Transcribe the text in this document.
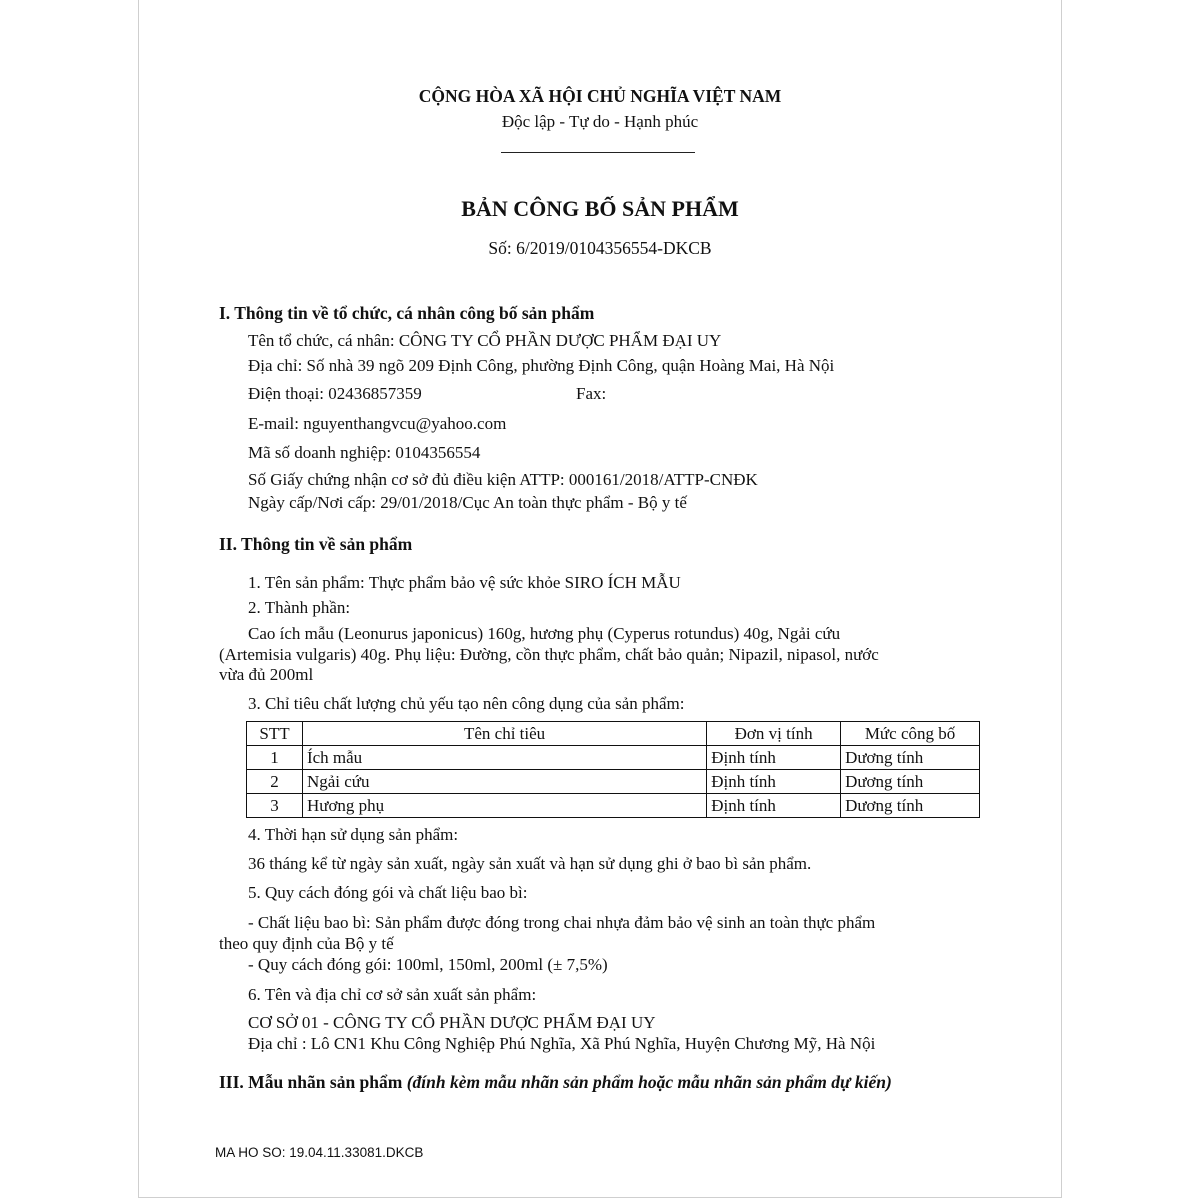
CỘNG HÒA XÃ HỘI CHỦ NGHĨA VIỆT NAM
Độc lập - Tự do - Hạnh phúc
BẢN CÔNG BỐ SẢN PHẨM
Số: 6/2019/0104356554-DKCB
I. Thông tin về tổ chức, cá nhân công bố sản phẩm
Tên tổ chức, cá nhân: CÔNG TY CỔ PHẦN DƯỢC PHẨM ĐẠI UY
Địa chỉ: Số nhà 39 ngõ 209 Định Công, phường Định Công, quận Hoàng Mai, Hà Nội
Điện thoại: 02436857359	Fax:
E-mail: nguyenthangvcu@yahoo.com
Mã số doanh nghiệp: 0104356554
Số Giấy chứng nhận cơ sở đủ điều kiện ATTP: 000161/2018/ATTP-CNĐK
Ngày cấp/Nơi cấp: 29/01/2018/Cục An toàn thực phẩm - Bộ y tế
II. Thông tin về sản phẩm
1. Tên sản phẩm: Thực phẩm bảo vệ sức khỏe SIRO ÍCH MẪU
2. Thành phần:
Cao ích mẫu (Leonurus japonicus) 160g, hương phụ (Cyperus rotundus) 40g, Ngải cứu
(Artemisia vulgaris) 40g. Phụ liệu: Đường, cồn thực phẩm, chất bảo quản; Nipazil, nipasol, nước
vừa đủ 200ml
3. Chỉ tiêu chất lượng chủ yếu tạo nên công dụng của sản phẩm:
STT	Tên chỉ tiêu	Đơn vị tính	Mức công bố
1	Ích mẫu	Định tính	Dương tính
2	Ngải cứu	Định tính	Dương tính
3	Hương phụ	Định tính	Dương tính
4. Thời hạn sử dụng sản phẩm:
36 tháng kể từ ngày sản xuất, ngày sản xuất và hạn sử dụng ghi ở bao bì sản phẩm.
5. Quy cách đóng gói và chất liệu bao bì:
- Chất liệu bao bì: Sản phẩm được đóng trong chai nhựa đảm bảo vệ sinh an toàn thực phẩm
theo quy định của Bộ y tế
- Quy cách đóng gói: 100ml, 150ml, 200ml (± 7,5%)
6. Tên và địa chỉ cơ sở sản xuất sản phẩm:
CƠ SỞ 01 - CÔNG TY CỔ PHẦN DƯỢC PHẨM ĐẠI UY
Địa chỉ : Lô CN1 Khu Công Nghiệp Phú Nghĩa, Xã Phú Nghĩa, Huyện Chương Mỹ, Hà Nội
III. Mẫu nhãn sản phẩm (đính kèm mẫu nhãn sản phẩm hoặc mẫu nhãn sản phẩm dự kiến)
MA HO SO: 19.04.11.33081.DKCB
